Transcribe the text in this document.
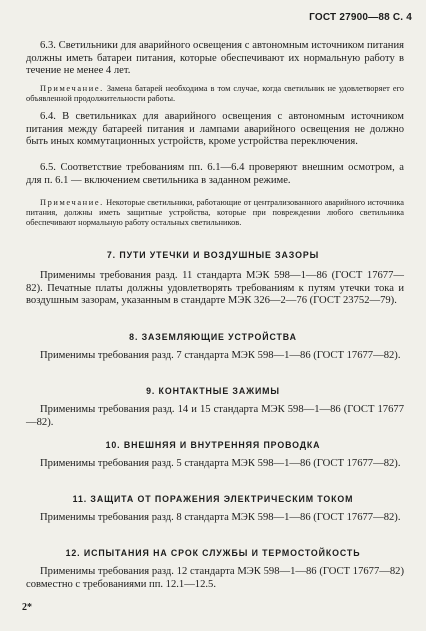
ГОСТ 27900—88 С. 4

6.3. Светильники для аварийного освещения с автономным источником питания должны иметь батареи питания, которые обеспечивают их нормальную работу в течение не менее 4 лет.

Примечание. Замена батарей необходима в том случае, когда светильник не удовлетворяет его объявленной продолжительности работы.

6.4. В светильниках для аварийного освещения с автономным источником питания между батареей питания и лампами аварийного освещения не должно быть иных коммутационных устройств, кроме устройства переключения.

6.5. Соответствие требованиям пп. 6.1—6.4 проверяют внешним осмотром, а для п. 6.1 — включением светильника в заданном режиме.

Примечание. Некоторые светильники, работающие от централизованного аварийного источника питания, должны иметь защитные устройства, которые при повреждении любого светильника обеспечивают нормальную работу остальных светильников.

7. ПУТИ УТЕЧКИ И ВОЗДУШНЫЕ ЗАЗОРЫ

Применимы требования разд. 11 стандарта МЭК 598—1—86 (ГОСТ 17677—82). Печатные платы должны удовлетворять требованиям к путям утечки тока и воздушным зазорам, указанным в стандарте МЭК 326—2—76 (ГОСТ 23752—79).

8. ЗАЗЕМЛЯЮЩИЕ УСТРОЙСТВА

Применимы требования разд. 7 стандарта МЭК 598—1—86 (ГОСТ 17677—82).

9. КОНТАКТНЫЕ ЗАЖИМЫ

Применимы требования разд. 14 и 15 стандарта МЭК 598—1—86 (ГОСТ 17677—82).

10. ВНЕШНЯЯ И ВНУТРЕННЯЯ ПРОВОДКА

Применимы требования разд. 5 стандарта МЭК 598—1—86 (ГОСТ 17677—82).

11. ЗАЩИТА ОТ ПОРАЖЕНИЯ ЭЛЕКТРИЧЕСКИМ ТОКОМ

Применимы требования разд. 8 стандарта МЭК 598—1—86 (ГОСТ 17677—82).

12. ИСПЫТАНИЯ НА СРОК СЛУЖБЫ И ТЕРМОСТОЙКОСТЬ

Применимы требования разд. 12 стандарта МЭК 598—1—86 (ГОСТ 17677—82) совместно с требованиями пп. 12.1—12.5.

2*
